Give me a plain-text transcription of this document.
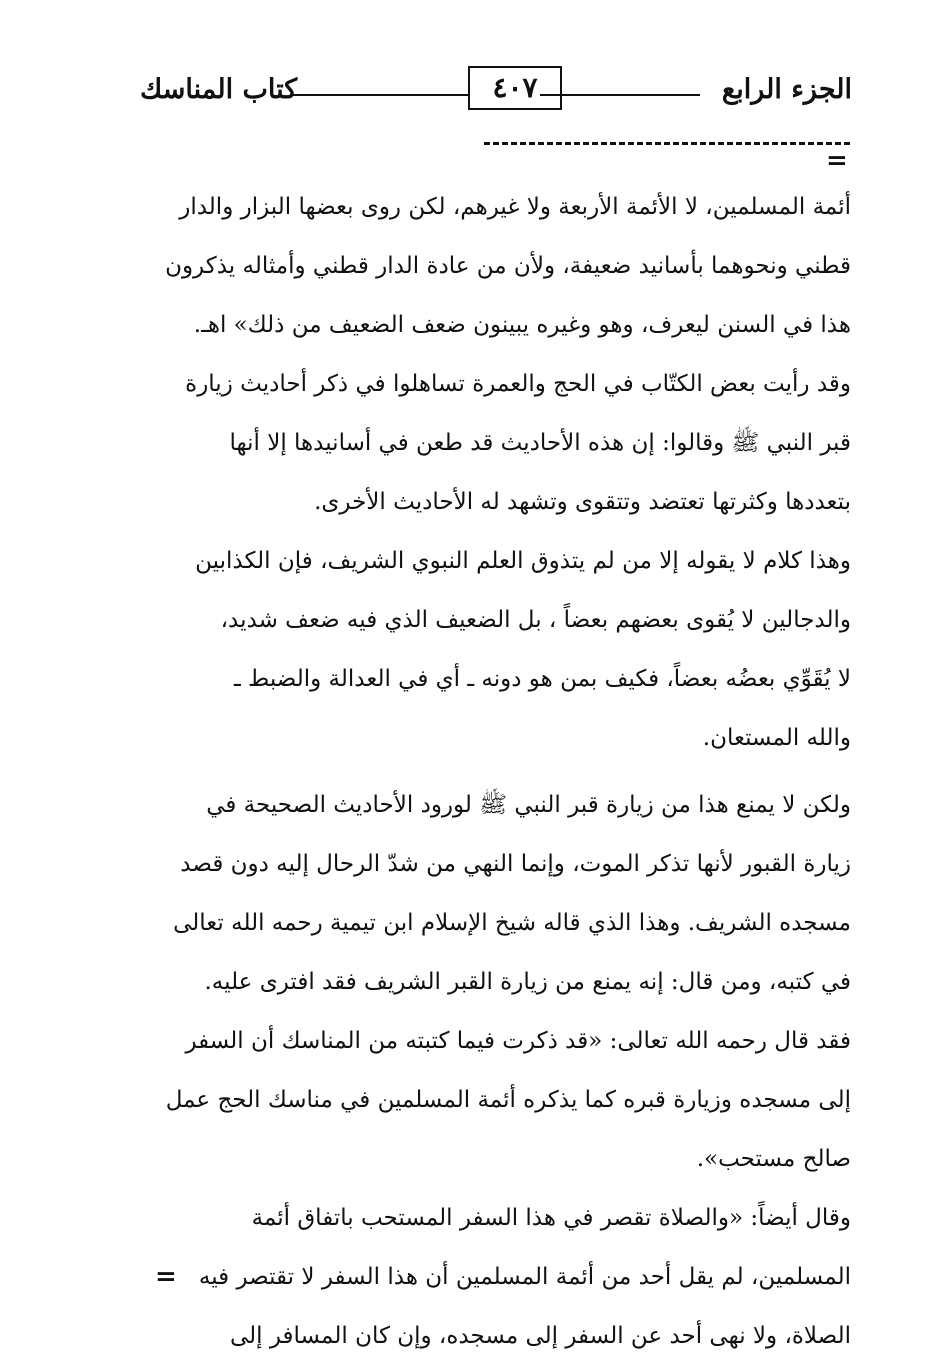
الجزء الرابع
٤٠٧
كتاب المناسك
=
أئمة المسلمين، لا الأئمة الأربعة ولا غيرهم، لكن روى بعضها البزار والدار
قطني ونحوهما بأسانيد ضعيفة، ولأن من عادة الدار قطني وأمثاله يذكرون
هذا في السنن ليعرف، وهو وغيره يبينون ضعف الضعيف من ذلك» اهـ.
وقد رأيت بعض الكتّاب في الحج والعمرة تساهلوا في ذكر أحاديث زيارة
قبر النبي ﷺ وقالوا: إن هذه الأحاديث قد طعن في أسانيدها إلا أنها
بتعددها وكثرتها تعتضد وتتقوى وتشهد له الأحاديث الأخرى.
وهذا كلام لا يقوله إلا من لم يتذوق العلم النبوي الشريف، فإن الكذابين
والدجالين لا يُقوى بعضهم بعضاً ، بل الضعيف الذي فيه ضعف شديد،
لا يُقَوِّي بعضُه بعضاً، فكيف بمن هو دونه ـ أي في العدالة والضبط ـ
والله المستعان.
ولكن لا يمنع هذا من زيارة قبر النبي ﷺ لورود الأحاديث الصحيحة في
زيارة القبور لأنها تذكر الموت، وإنما النهي من شدّ الرحال إليه دون قصد
مسجده الشريف. وهذا الذي قاله شيخ الإسلام ابن تيمية رحمه الله تعالى
في كتبه، ومن قال: إنه يمنع من زيارة القبر الشريف فقد افترى عليه.
فقد قال رحمه الله تعالى: «قد ذكرت فيما كتبته من المناسك أن السفر
إلى مسجده وزيارة قبره كما يذكره أئمة المسلمين في مناسك الحج عمل
صالح مستحب».
وقال أيضاً: «والصلاة تقصر في هذا السفر المستحب باتفاق أئمة
المسلمين، لم يقل أحد من أئمة المسلمين أن هذا السفر لا تقتصر فيه
الصلاة، ولا نهى أحد عن السفر إلى مسجده، وإن كان المسافر إلى
=
